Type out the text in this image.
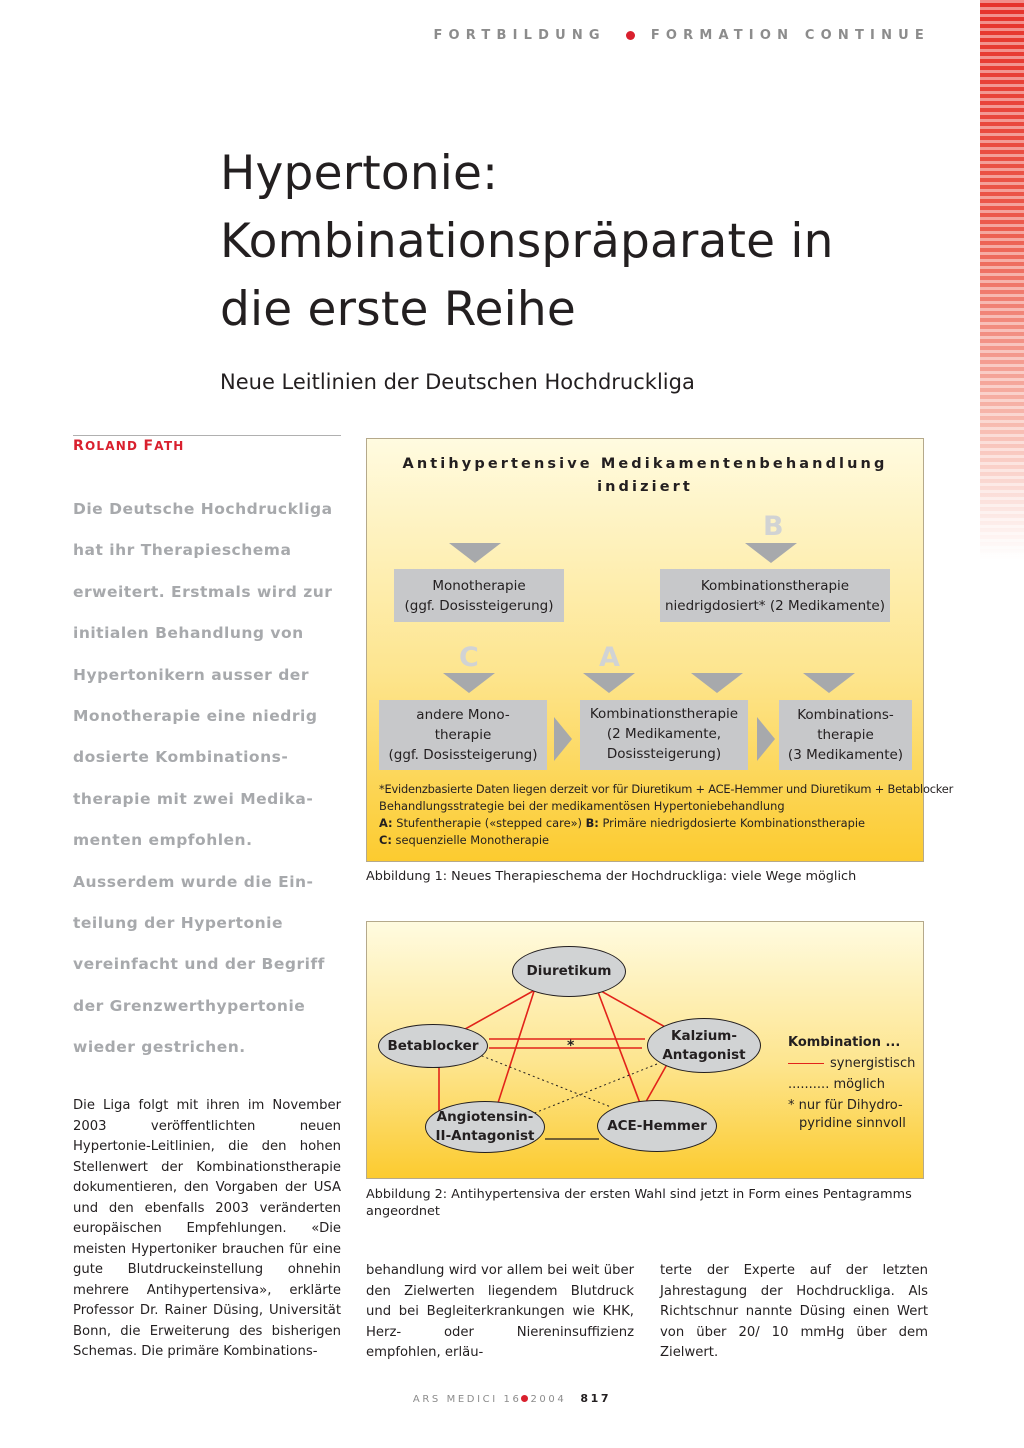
FORTBILDUNG	FORMATION CONTINUE
Hypertonie:
Kombinationspräparate in
die erste Reihe
Neue Leitlinien der Deutschen Hochdruckliga
ROLAND FATH
Die Deutsche Hochdruckliga
hat ihr Therapieschema
erweitert. Erstmals wird zur
initialen Behandlung von
Hypertonikern ausser der
Monotherapie eine niedrig
dosierte Kombinations-
therapie mit zwei Medika-
menten empfohlen.
Ausserdem wurde die Ein-
teilung der Hypertonie
vereinfacht und der Begriff
der Grenzwerthypertonie
wieder gestrichen.

Die Liga folgt mit ihren im November 2003 veröffentlichten neuen Hypertonie-Leitlinien, die den hohen Stellenwert der Kombinationstherapie dokumentieren, den Vorgaben der USA und den ebenfalls 2003 veränderten europäischen Empfehlungen. «Die meisten Hypertoniker brauchen für eine gute Blutdruckeinstellung ohnehin mehrere Antihypertensiva», erklärte Professor Dr. Rainer Düsing, Universität Bonn, die Erweiterung des bisherigen Schemas. Die primäre Kombinations-

behandlung wird vor allem bei weit über den Zielwerten liegendem Blutdruck und bei Begleiterkrankungen wie KHK, Herz- oder Niereninsuffizienz empfohlen, erläu-

terte der Experte auf der letzten Jahrestagung der Hochdruckliga. Als Richtschnur nannte Düsing einen Wert von über 20/ 10 mmHg über dem Zielwert.

Antihypertensive Medikamentenbehandlung
indiziert
B
Monotherapie
(ggf. Dosissteigerung)
Kombinationstherapie
niedrigdosiert* (2 Medikamente)
C	A
andere Mono-
therapie
(ggf. Dosissteigerung)
Kombinationstherapie
(2 Medikamente,
Dosissteigerung)
Kombinations-
therapie
(3 Medikamente)
*Evidenzbasierte Daten liegen derzeit vor für Diuretikum + ACE-Hemmer und Diuretikum + Betablocker
Behandlungsstrategie bei der medikamentösen Hypertoniebehandlung
A: Stufentherapie («stepped care») B: Primäre niedrigdosierte Kombinationstherapie
C: sequenzielle Monotherapie
Abbildung 1: Neues Therapieschema der Hochdruckliga: viele Wege möglich
*
Diuretikum
Betablocker
Kalzium-
Antagonist
Angiotensin-
II-Antagonist
ACE-Hemmer
Kombination ...
synergistisch
.......... möglich
* nur für Dihydro-
pyridine sinnvoll
Abbildung 2: Antihypertensiva der ersten Wahl sind jetzt in Form eines Pentagramms angeordnet
ARS MEDICI 16 2004 817
